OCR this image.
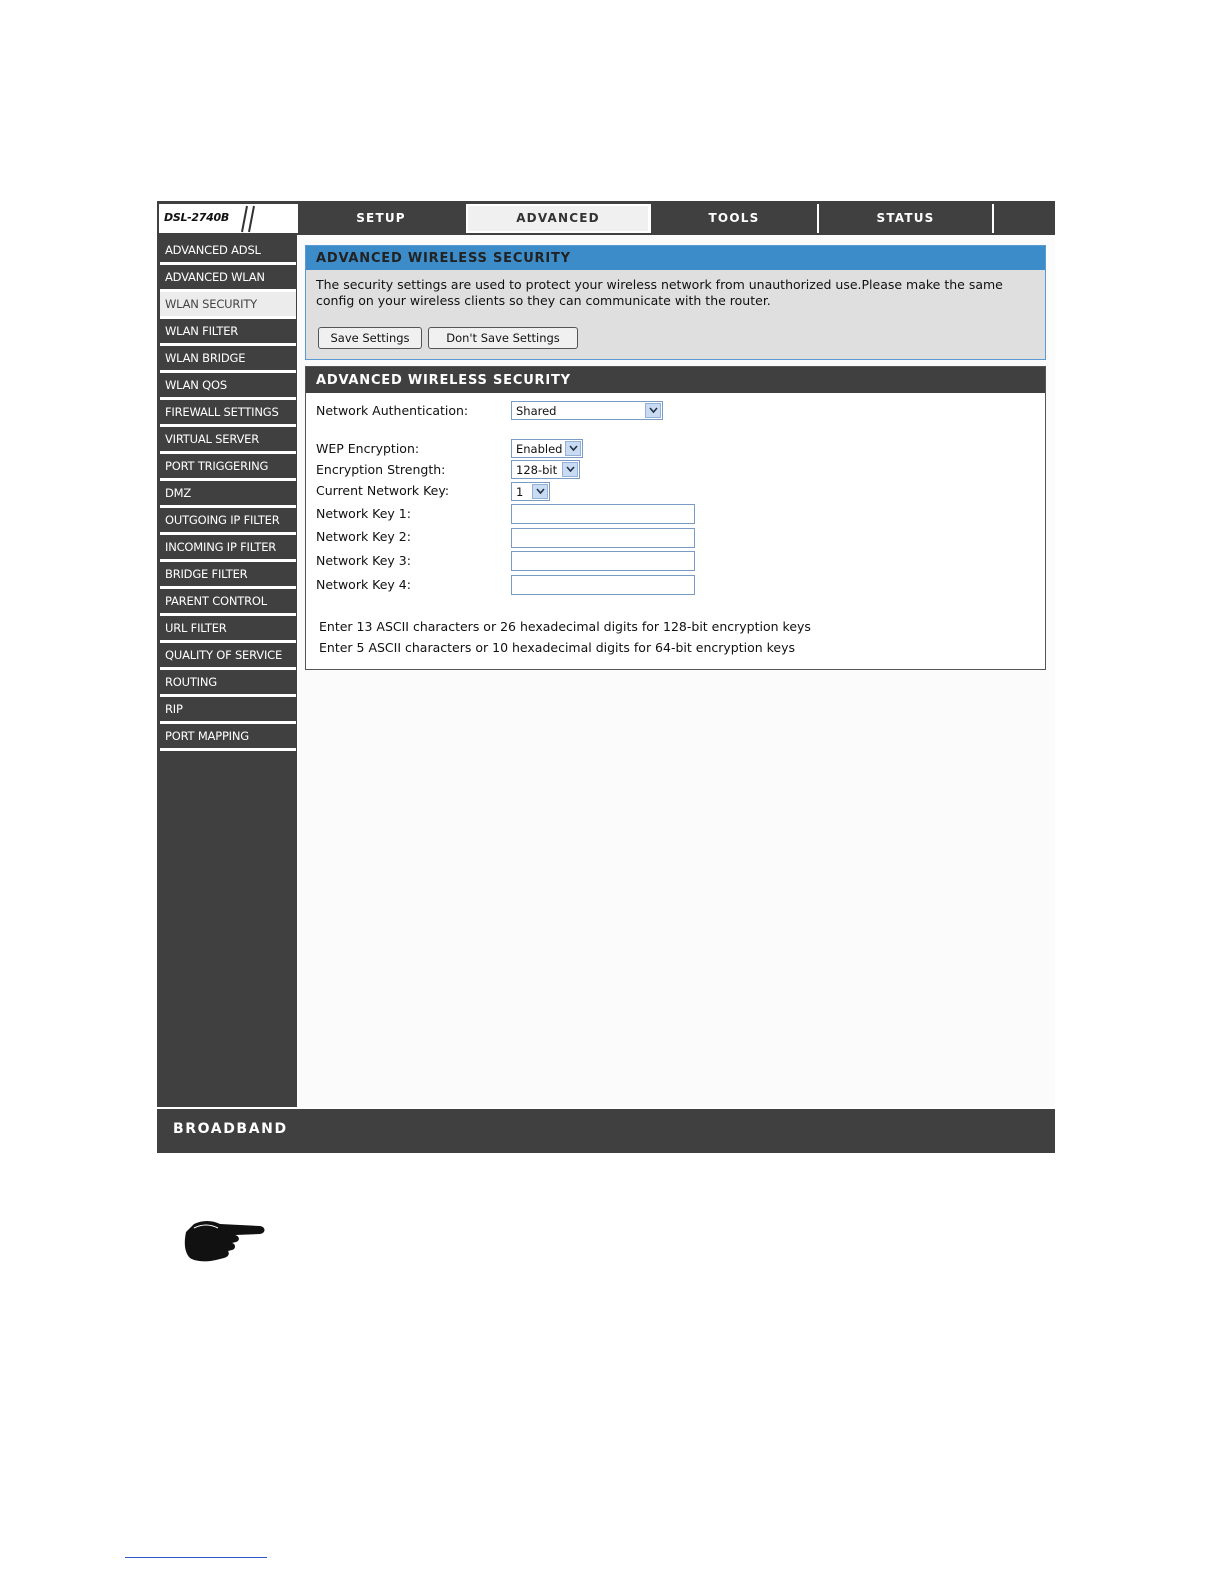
DSL-2740B	SETUP	ADVANCED	TOOLS	STATUS
ADVANCED ADSL
ADVANCED WLAN
WLAN SECURITY
WLAN FILTER
WLAN BRIDGE
WLAN QOS
FIREWALL SETTINGS
VIRTUAL SERVER
PORT TRIGGERING
DMZ
OUTGOING IP FILTER
INCOMING IP FILTER
BRIDGE FILTER
PARENT CONTROL
URL FILTER
QUALITY OF SERVICE
ROUTING
RIP
PORT MAPPING
ADVANCED WIRELESS SECURITY
The security settings are used to protect your wireless network from unauthorized use.Please make the same config on your wireless clients so they can communicate with the router.
Save Settings	Don't Save Settings
ADVANCED WIRELESS SECURITY
Network Authentication:	Shared
WEP Encryption:	Enabled
Encryption Strength:	128-bit
Current Network Key:	1
Network Key 1:
Network Key 2:
Network Key 3:
Network Key 4:
Enter 13 ASCII characters or 26 hexadecimal digits for 128-bit encryption keys
Enter 5 ASCII characters or 10 hexadecimal digits for 64-bit encryption keys
BROADBAND
